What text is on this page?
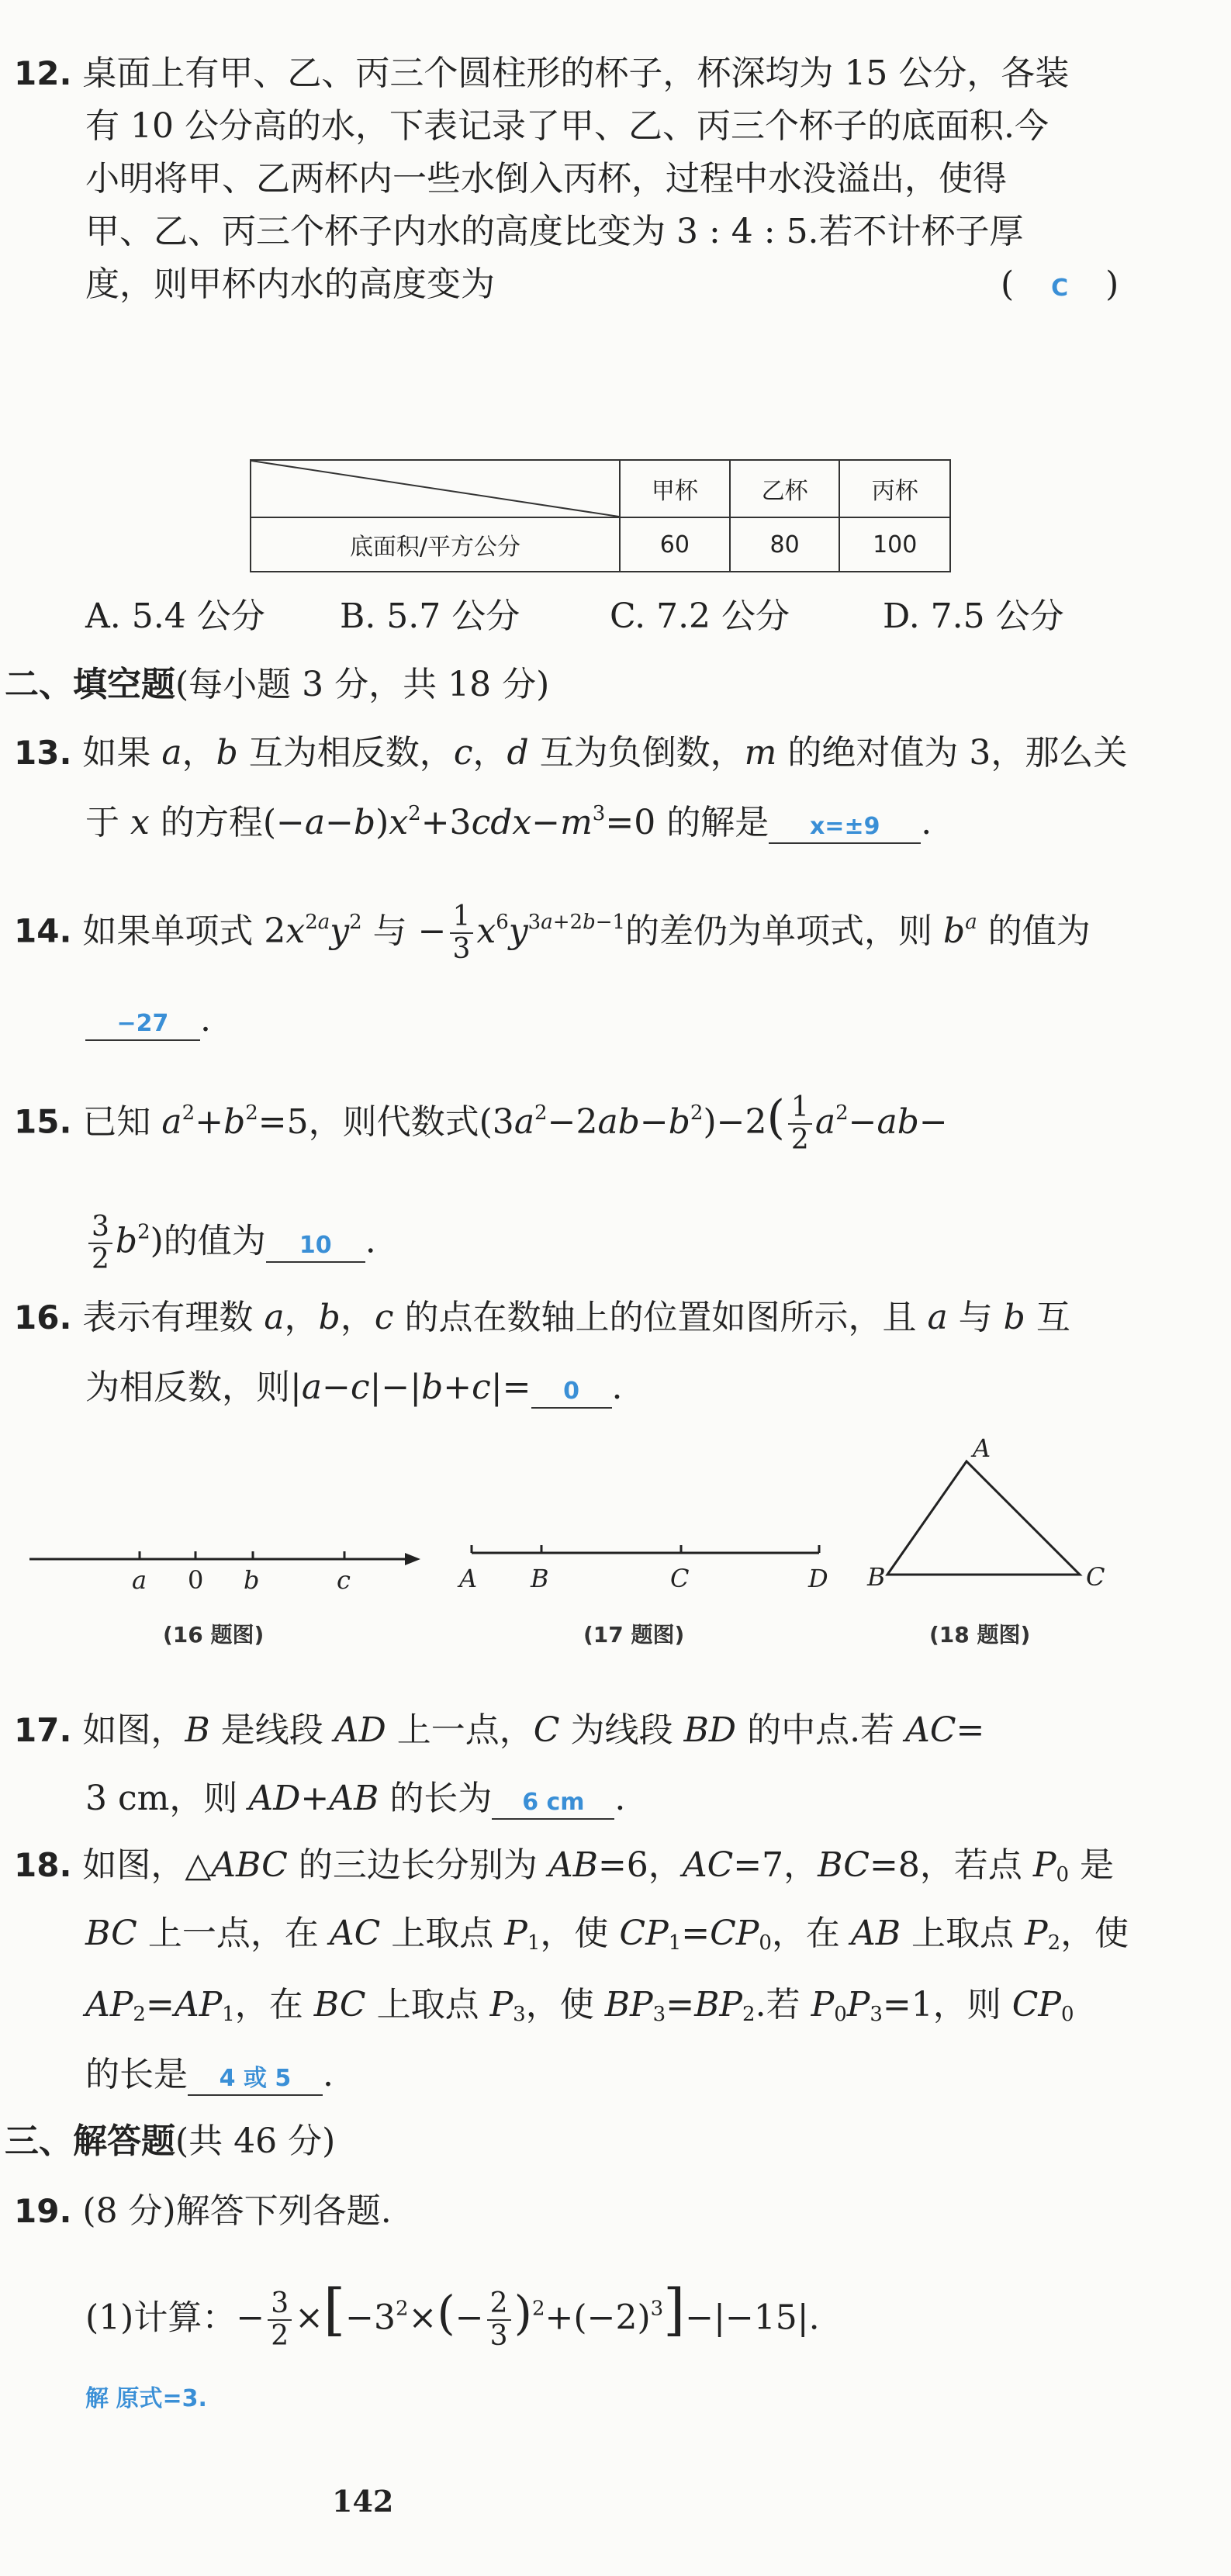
12. 桌面上有甲、乙、丙三个圆柱形的杯子，杯深均为 15 公分，各装
有 10 公分高的水，下表记录了甲、乙、丙三个杯子的底面积.今
小明将甲、乙两杯内一些水倒入丙杯，过程中水没溢出，使得
甲、乙、丙三个杯子内水的高度比变为 3 : 4 : 5.若不计杯子厚
度，则甲杯内水的高度变为	( C )
	甲杯	乙杯	丙杯
底面积/平方公分	60	80	100
A. 5.4 公分 B. 5.7 公分	C. 7.2 公分	D. 7.5 公分
二、填空题(每小题 3 分，共 18 分)
13. 如果 a，b 互为相反数，c，d 互为负倒数，m 的绝对值为 3，那么关
于 x 的方程$(-a-b)x^2+3cdx-m^3=0$ 的解是 x=±9 .
14. 如果单项式 $2x^{2a}y^2$ 与 − $\frac{1}{3} x^6y^{3a+2b-1}$的差仍为单项式，则 $b^a$ 的值为
−27 .
15. 已知 $a^2+b^2=5$，则代数式$(3a^2-2ab-b^2)-2( \frac{1}{2} a^2-ab-$
$\frac{3}{2} b^2$)的值为 10 .
16. 表示有理数 a，b，c 的点在数轴上的位置如图所示，且 a 与 b 互
为相反数，则|a−c|−|b+c|= 0 .
a 0 b	c	A B	C	D
A
B	C
(16 题图)	(17 题图)	(18 题图)
17. 如图，B 是线段 AD 上一点，C 为线段 BD 的中点.若 AC=
3 cm，则 AD+AB 的长为 6 cm .
18. 如图，△ABC 的三边长分别为 AB=6，AC=7，BC=8，若点 $P_0$ 是
BC 上一点，在 AC 上取点 $P_1$，使 $CP_1=CP_0$，在 AB 上取点 $P_2$，使
$AP_2=AP_1$，在 BC 上取点 $P_3$，使 $BP_3=BP_2$.若 $P_0P_3=1$，则 $CP_0$
的长是 4 或 5 .
三、解答题(共 46 分)
19. (8 分)解答下列各题.
(1)计算：− $\frac{3}{2} \times[-3^2\times(- \frac{2}{3} )^2+(-2)^3]-|-15|$.
解 原式=3.
142
